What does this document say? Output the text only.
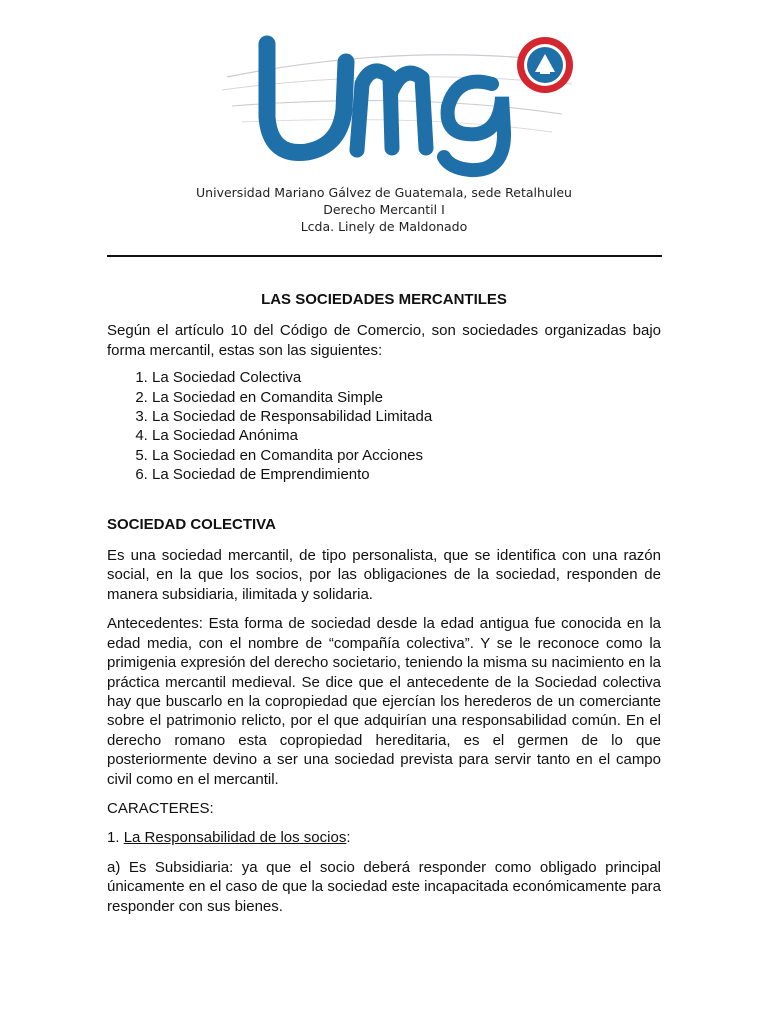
Universidad Mariano Gálvez de Guatemala, sede Retalhuleu
Derecho Mercantil I
Lcda. Linely de Maldonado
LAS SOCIEDADES MERCANTILES

Según el artículo 10 del Código de Comercio, son sociedades organizadas bajo forma mercantil, estas son las siguientes:

1. La Sociedad Colectiva
2. La Sociedad en Comandita Simple
3. La Sociedad de Responsabilidad Limitada
4. La Sociedad Anónima
5. La Sociedad en Comandita por Acciones
6. La Sociedad de Emprendimiento
SOCIEDAD COLECTIVA

Es una sociedad mercantil, de tipo personalista, que se identifica con una razón social, en la que los socios, por las obligaciones de la sociedad, responden de manera subsidiaria, ilimitada y solidaria.

Antecedentes: Esta forma de sociedad desde la edad antigua fue conocida en la edad media, con el nombre de “compañía colectiva”. Y se le reconoce como la primigenia expresión del derecho societario, teniendo la misma su nacimiento en la práctica mercantil medieval. Se dice que el antecedente de la Sociedad colectiva hay que buscarlo en la copropiedad que ejercían los herederos de un comerciante sobre el patrimonio relicto, por el que adquirían una responsabilidad común. En el derecho romano esta copropiedad hereditaria, es el germen de lo que posteriormente devino a ser una sociedad prevista para servir tanto en el campo civil como en el mercantil.

CARACTERES:

1. La Responsabilidad de los socios:

a) Es Subsidiaria: ya que el socio deberá responder como obligado principal únicamente en el caso de que la sociedad este incapacitada económicamente para responder con sus bienes.
